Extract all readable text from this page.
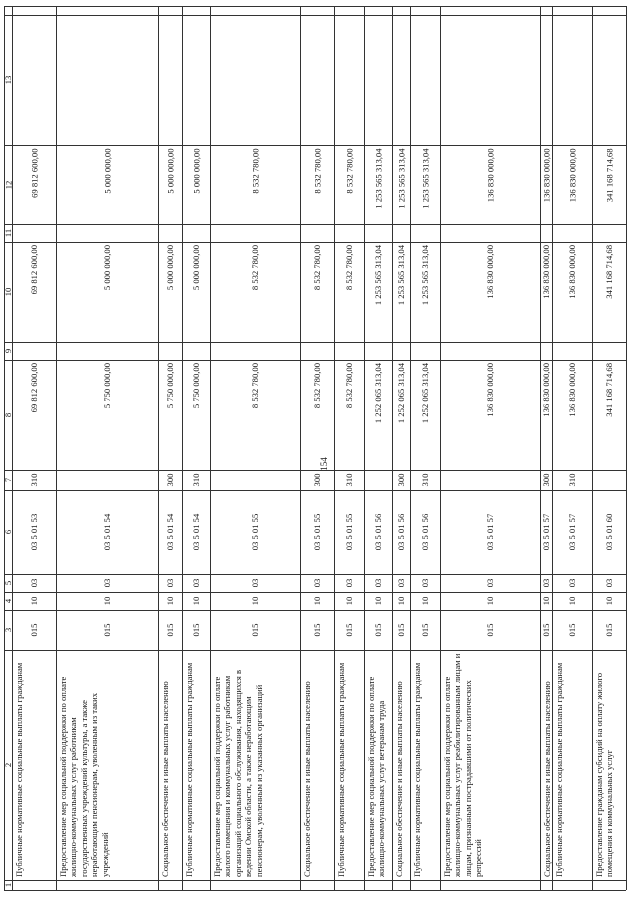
154
1
2
3
4
5
6
7
8
9
10
11
12
13
Публичные нормативные социальные выплаты гражданам
015
10
03
03 5 01 53
310
69 812 600,00
69 812 600,00
69 812 600,00
Предоставление мер социальной поддержки по оплате жилищно-коммунальных услуг работникам государственных учреждений культуры, а также неработающим пенсионерам, уволенным из таких учреждений
015
10
03
03 5 01 54
5 750 000,00
5 000 000,00
5 000 000,00
Социальное обеспечение и иные выплаты населению
015
10
03
03 5 01 54
300
5 750 000,00
5 000 000,00
5 000 000,00
Публичные нормативные социальные выплаты гражданам
015
10
03
03 5 01 54
310
5 750 000,00
5 000 000,00
5 000 000,00
Предоставление мер социальной поддержки по оплате жилого помещения и коммунальных услуг работникам организаций социального обслуживания, находящихся в ведении Омской области, а также неработающим пенсионерам, уволенным из указанных организаций
015
10
03
03 5 01 55
8 532 780,00
8 532 780,00
8 532 780,00
Социальное обеспечение и иные выплаты населению
015
10
03
03 5 01 55
300
8 532 780,00
8 532 780,00
8 532 780,00
Публичные нормативные социальные выплаты гражданам
015
10
03
03 5 01 55
310
8 532 780,00
8 532 780,00
8 532 780,00
Предоставление мер социальной поддержки по оплате жилищно-коммунальных услуг ветеранам труда
015
10
03
03 5 01 56
1 252 065 313,04
1 253 565 313,04
1 253 565 313,04
Социальное обеспечение и иные выплаты населению
015
10
03
03 5 01 56
300
1 252 065 313,04
1 253 565 313,04
1 253 565 313,04
Публичные нормативные социальные выплаты гражданам
015
10
03
03 5 01 56
310
1 252 065 313,04
1 253 565 313,04
1 253 565 313,04
Предоставление мер социальной поддержки по оплате жилищно-коммунальных услуг реабилитированным лицам и лицам, признанным пострадавшими от политических репрессий
015
10
03
03 5 01 57
136 830 000,00
136 830 000,00
136 830 000,00
Социальное обеспечение и иные выплаты населению
015
10
03
03 5 01 57
300
136 830 000,00
136 830 000,00
136 830 000,00
Публичные нормативные социальные выплаты гражданам
015
10
03
03 5 01 57
310
136 830 000,00
136 830 000,00
136 830 000,00
Предоставление гражданам субсидий на оплату жилого помещения и коммунальных услуг
015
10
03
03 5 01 60
341 168 714,68
341 168 714,68
341 168 714,68
